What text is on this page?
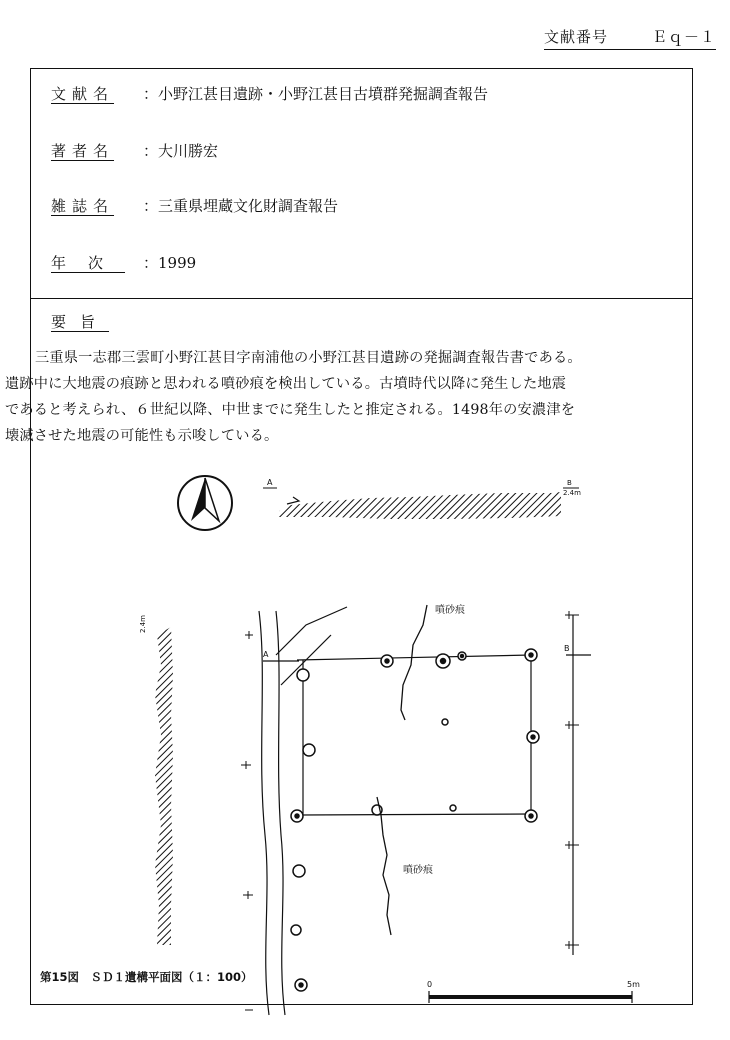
文献番号	Ｅｑ－１
文献名	：小野江甚目遺跡・小野江甚目古墳群発掘調査報告
著者名	：大川勝宏
雑誌名	：三重県埋蔵文化財調査報告
年次 ：1999
要旨

三重県一志郡三雲町小野江甚目字南浦他の小野江甚目遺跡の発掘調査報告書である。

遺跡中に大地震の痕跡と思われる噴砂痕を検出している。古墳時代以降に発生した地震

であると考えられ、６世紀以降、中世までに発生したと推定される。1498年の安濃津を

壊滅させた地震の可能性も示唆している。

A	B
2.4m
2.4m
噴砂痕
噴砂痕
A
B
0	5m
第15図　ＳＤ１遺構平面図（１：100）
